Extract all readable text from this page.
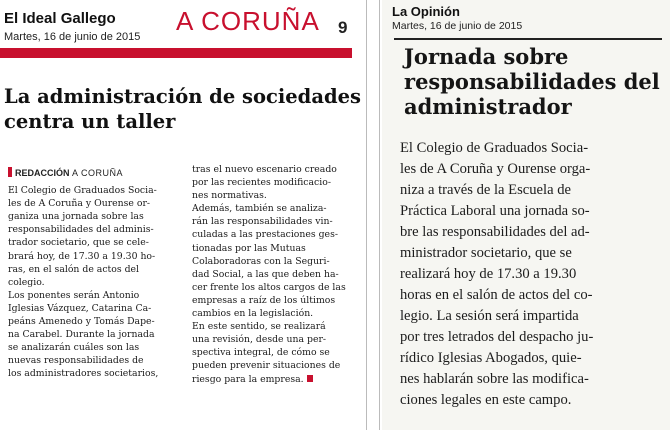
El Ideal Gallego
Martes, 16 de junio de 2015
A CORUÑA 9
La administración de sociedades centra un taller
REDACCIÓN A CORUÑA
El Colegio de Graduados Socia-
les de A Coruña y Ourense or-
ganiza una jornada sobre las
responsabilidades del adminis-
trador societario, que se cele-
brará hoy, de 17.30 a 19.30 ho-
ras, en el salón de actos del
colegio.
Los ponentes serán Antonio
Iglesias Vázquez, Catarina Ca-
peáns Amenedo y Tomás Dape-
na Carabel. Durante la jornada
se analizarán cuáles son las
nuevas responsabilidades de
los administradores societarios,
tras el nuevo escenario creado
por las recientes modificacio-
nes normativas.
Además, también se analiza-
rán las responsabilidades vin-
culadas a las prestaciones ges-
tionadas por las Mutuas
Colaboradoras con la Seguri-
dad Social, a las que deben ha-
cer frente los altos cargos de las
empresas a raíz de los últimos
cambios en la legislación.
En este sentido, se realizará
una revisión, desde una per-
spectiva integral, de cómo se
pueden prevenir situaciones de
riesgo para la empresa.
La Opinión
Martes, 16 de junio de 2015
Jornada sobre responsabilidades del administrador
El Colegio de Graduados Socia-
les de A Coruña y Ourense orga-
niza a través de la Escuela de
Práctica Laboral una jornada so-
bre las responsabilidades del ad-
ministrador societario, que se
realizará hoy de 17.30 a 19.30
horas en el salón de actos del co-
legio. La sesión será impartida
por tres letrados del despacho ju-
rídico Iglesias Abogados, quie-
nes hablarán sobre las modifica-
ciones legales en este campo.
